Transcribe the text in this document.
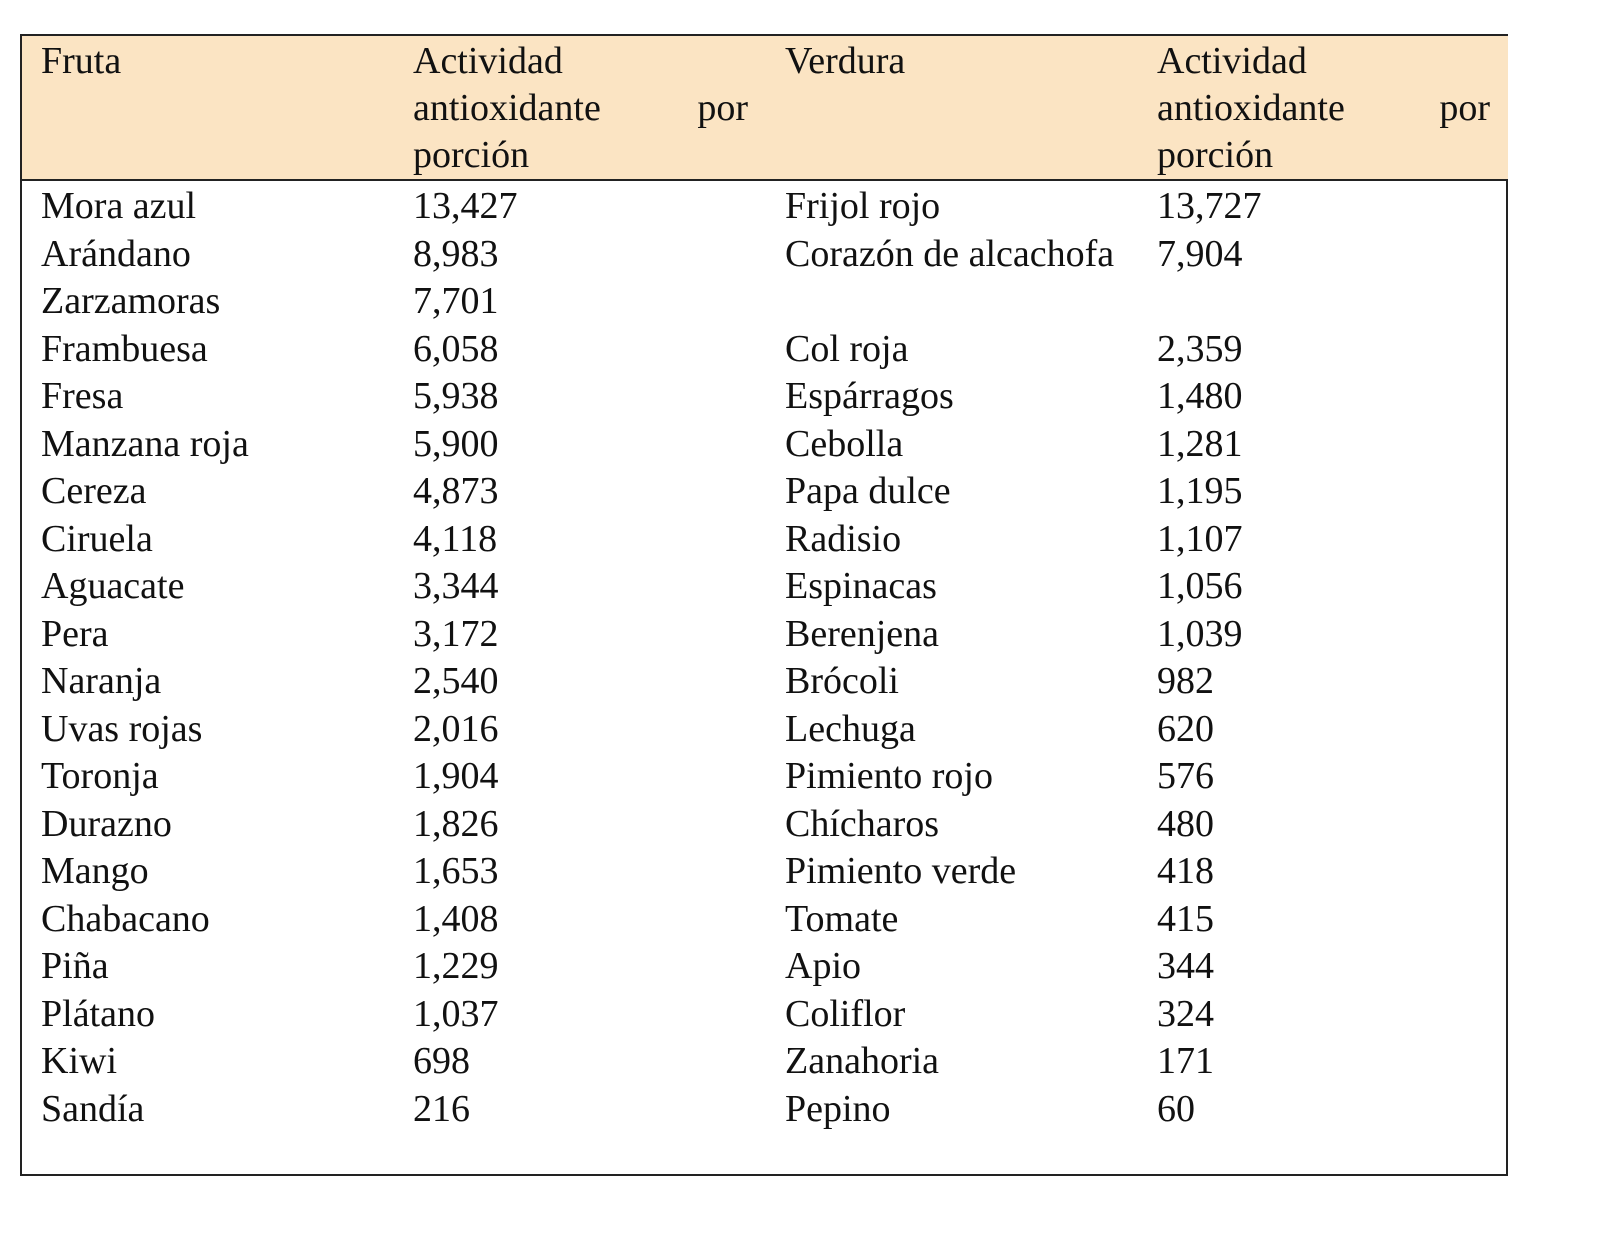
Fruta	Actividad antioxidante por porción	Verdura	Actividad antioxidante por porción
Mora azul	13,427	Frijol rojo	13,727
Arándano	8,983	Corazón de alcachofa	7,904
Zarzamoras	7,701		
Frambuesa	6,058	Col roja	2,359
Fresa	5,938	Espárragos	1,480
Manzana roja	5,900	Cebolla	1,281
Cereza	4,873	Papa dulce	1,195
Ciruela	4,118	Radisio	1,107
Aguacate	3,344	Espinacas	1,056
Pera	3,172	Berenjena	1,039
Naranja	2,540	Brócoli	982
Uvas rojas	2,016	Lechuga	620
Toronja	1,904	Pimiento rojo	576
Durazno	1,826	Chícharos	480
Mango	1,653	Pimiento verde	418
Chabacano	1,408	Tomate	415
Piña	1,229	Apio	344
Plátano	1,037	Coliflor	324
Kiwi	698	Zanahoria	171
Sandía	216	Pepino	60
